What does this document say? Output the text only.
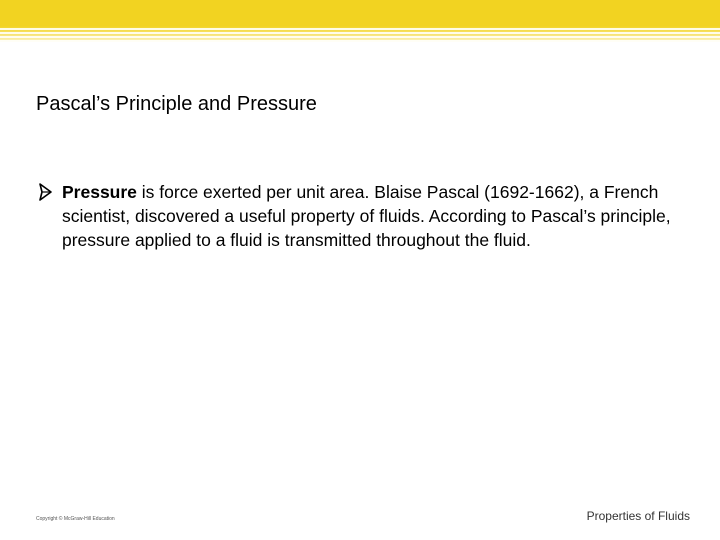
Pascal’s Principle and Pressure

Pressure is force exerted per unit area. Blaise Pascal (1692-1662), a French scientist, discovered a useful property of fluids. According to Pascal’s principle, pressure applied to a fluid is transmitted throughout the fluid.

Copyright © McGraw-Hill Education	Properties of Fluids
